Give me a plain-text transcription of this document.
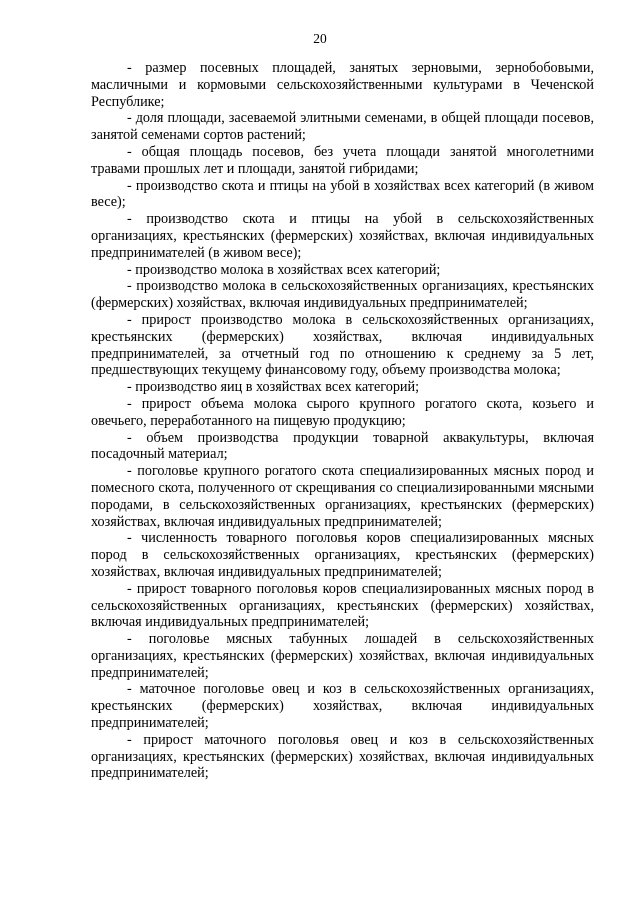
20

- размер посевных площадей, занятых зерновыми, зернобобовыми, масличными и кормовыми сельскохозяйственными культурами в Чеченской Республике;

- доля площади, засеваемой элитными семенами, в общей площади посевов, занятой семенами сортов растений;

- общая площадь посевов, без учета площади занятой многолетними травами прошлых лет и площади, занятой гибридами;

- производство скота и птицы на убой в хозяйствах всех категорий (в живом весе);

- производство скота и птицы на убой в сельскохозяйственных организациях, крестьянских (фермерских) хозяйствах, включая индивидуальных предпринимателей (в живом весе);

- производство молока в хозяйствах всех категорий;

- производство молока в сельскохозяйственных организациях, крестьянских (фермерских) хозяйствах, включая индивидуальных предпринимателей;

- прирост производство молока в сельскохозяйственных организациях, крестьянских (фермерских) хозяйствах, включая индивидуальных предпринимателей, за отчетный год по отношению к среднему за 5 лет, предшествующих текущему финансовому году, объему производства молока;

- производство яиц в хозяйствах всех категорий;

- прирост объема молока сырого крупного рогатого скота, козьего и овечьего, переработанного на пищевую продукцию;

- объем производства продукции товарной аквакультуры, включая посадочный материал;

- поголовье крупного рогатого скота специализированных мясных пород и помесного скота, полученного от скрещивания со специализированными мясными породами, в сельскохозяйственных организациях, крестьянских (фермерских) хозяйствах, включая индивидуальных предпринимателей;

- численность товарного поголовья коров специализированных мясных пород в сельскохозяйственных организациях, крестьянских (фермерских) хозяйствах, включая индивидуальных предпринимателей;

- прирост товарного поголовья коров специализированных мясных пород в сельскохозяйственных организациях, крестьянских (фермерских) хозяйствах, включая индивидуальных предпринимателей;

- поголовье мясных табунных лошадей в сельскохозяйственных организациях, крестьянских (фермерских) хозяйствах, включая индивидуальных предпринимателей;

- маточное поголовье овец и коз в сельскохозяйственных организациях, крестьянских (фермерских) хозяйствах, включая индивидуальных предпринимателей;

- прирост маточного поголовья овец и коз в сельскохозяйственных организациях, крестьянских (фермерских) хозяйствах, включая индивидуальных предпринимателей;
